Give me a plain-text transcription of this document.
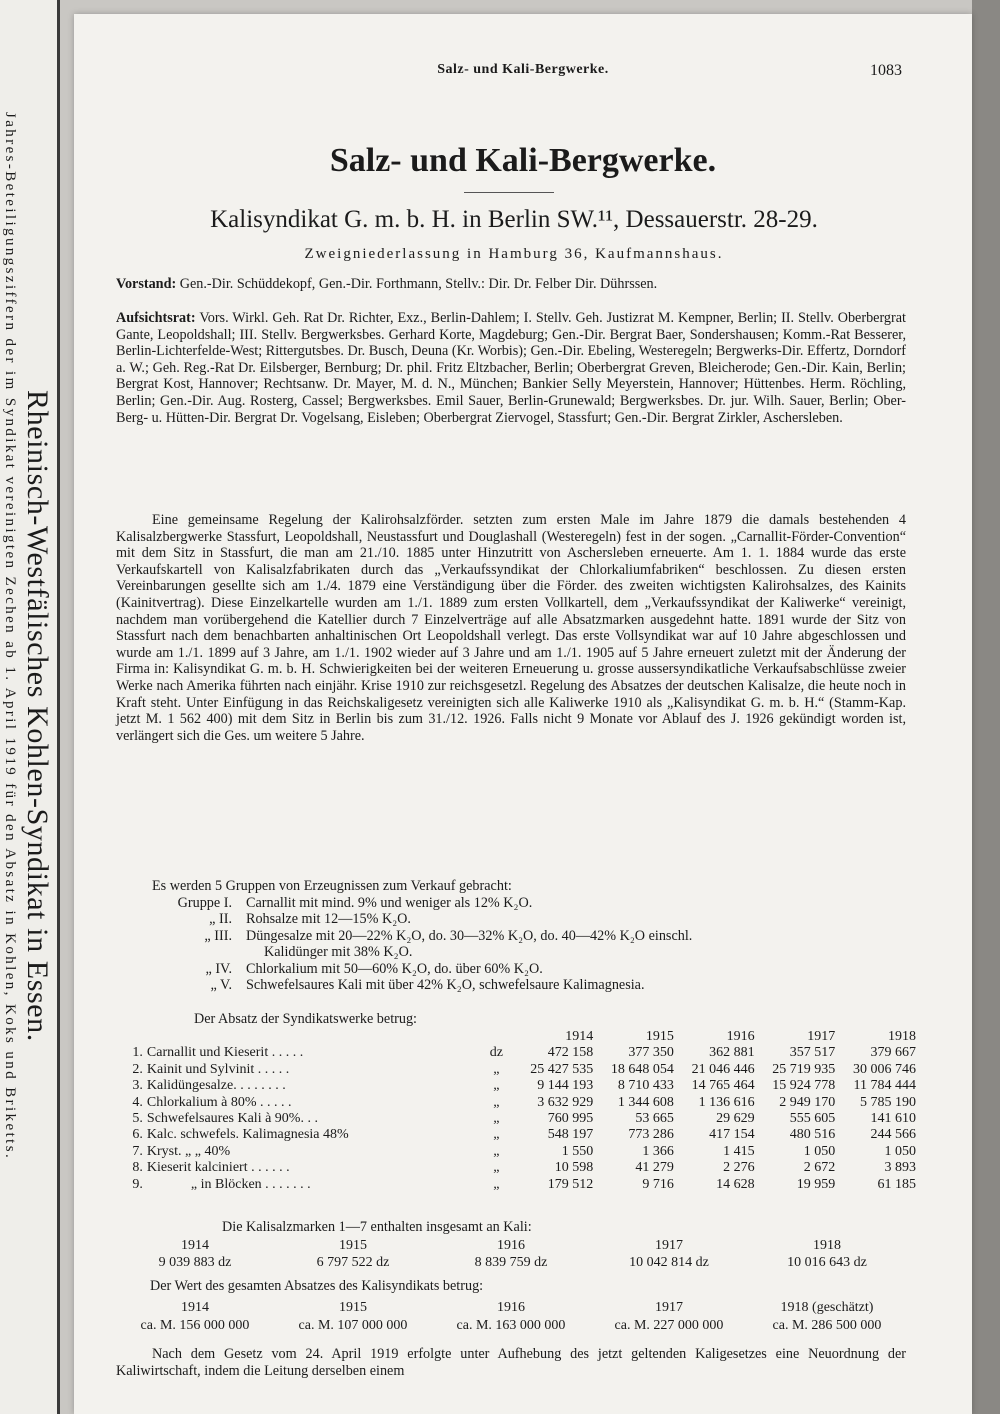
Jahres-Beteiligungsziffern der im Syndikat vereinigten Zechen ab 1. April 1919 für den Absatz in Kohlen, Koks und Briketts. Rheinisch-Westfälisches Kohlen-Syndikat in Essen.
Salz- und Kali-Bergwerke.	1083
Salz- und Kali-Bergwerke.
Kalisyndikat G. m. b. H. in Berlin SW.¹¹, Dessauerstr. 28-29.
Zweigniederlassung in Hamburg 36, Kaufmannshaus.

Vorstand: Gen.-Dir. Schüddekopf, Gen.-Dir. Forthmann, Stellv.: Dir. Dr. Felber Dir. Dührssen.

Aufsichtsrat: Vors. Wirkl. Geh. Rat Dr. Richter, Exz., Berlin-Dahlem; I. Stellv. Geh. Justizrat M. Kempner, Berlin; II. Stellv. Oberbergrat Gante, Leopoldshall; III. Stellv. Bergwerksbes. Gerhard Korte, Magdeburg; Gen.-Dir. Bergrat Baer, Sondershausen; Komm.-Rat Besserer, Berlin-Lichterfelde-West; Rittergutsbes. Dr. Busch, Deuna (Kr. Worbis); Gen.-Dir. Ebeling, Westeregeln; Bergwerks-Dir. Effertz, Dorndorf a. W.; Geh. Reg.-Rat Dr. Eilsberger, Bernburg; Dr. phil. Fritz Eltzbacher, Berlin; Oberbergrat Greven, Bleicherode; Gen.-Dir. Kain, Berlin; Bergrat Kost, Hannover; Rechtsanw. Dr. Mayer, M. d. N., München; Bankier Selly Meyerstein, Hannover; Hüttenbes. Herm. Röchling, Berlin; Gen.-Dir. Aug. Rosterg, Cassel; Bergwerksbes. Emil Sauer, Berlin-Grunewald; Bergwerksbes. Dr. jur. Wilh. Sauer, Berlin; Ober-Berg- u. Hütten-Dir. Bergrat Dr. Vogelsang, Eisleben; Oberbergrat Ziervogel, Stassfurt; Gen.-Dir. Bergrat Zirkler, Aschersleben.

Eine gemeinsame Regelung der Kalirohsalzförder. setzten zum ersten Male im Jahre 1879 die damals bestehenden 4 Kalisalzbergwerke Stassfurt, Leopoldshall, Neustassfurt und Douglashall (Westeregeln) fest in der sogen. „Carnallit-Förder-Convention“ mit dem Sitz in Stassfurt, die man am 21./10. 1885 unter Hinzutritt von Aschersleben erneuerte. Am 1. 1. 1884 wurde das erste Verkaufskartell von Kalisalzfabrikaten durch das „Verkaufssyndikat der Chlorkaliumfabriken“ beschlossen. Zu diesen ersten Vereinbarungen gesellte sich am 1./4. 1879 eine Verständigung über die Förder. des zweiten wichtigsten Kalirohsalzes, des Kainits (Kainitvertrag). Diese Einzelkartelle wurden am 1./1. 1889 zum ersten Vollkartell, dem „Verkaufssyndikat der Kaliwerke“ vereinigt, nachdem man vorübergehend die Katellier durch 7 Einzelverträge auf alle Absatzmarken ausgedehnt hatte. 1891 wurde der Sitz von Stassfurt nach dem benachbarten anhaltinischen Ort Leopoldshall verlegt. Das erste Vollsyndikat war auf 10 Jahre abgeschlossen und wurde am 1./1. 1899 auf 3 Jahre, am 1./1. 1902 wieder auf 3 Jahre und am 1./1. 1905 auf 5 Jahre erneuert zuletzt mit der Änderung der Firma in: Kalisyndikat G. m. b. H. Schwierigkeiten bei der weiteren Erneuerung u. grosse aussersyndikatliche Verkaufsabschlüsse zweier Werke nach Amerika führten nach einjähr. Krise 1910 zur reichsgesetzl. Regelung des Absatzes der deutschen Kalisalze, die heute noch in Kraft steht. Unter Einfügung in das Reichskaligesetz vereinigten sich alle Kaliwerke 1910 als „Kalisyndikat G. m. b. H.“ (Stamm-Kap. jetzt M. 1 562 400) mit dem Sitz in Berlin bis zum 31./12. 1926. Falls nicht 9 Monate vor Ablauf des J. 1926 gekündigt worden ist, verlängert sich die Ges. um weitere 5 Jahre.

Es werden 5 Gruppen von Erzeugnissen zum Verkauf gebracht:
Gruppe I. Carnallit mit mind. 9% und weniger als 12% K₂O.
„ II. Rohsalze mit 12—15% K₂O.
„ III. Düngesalze mit 20—22% K₂O, do. 30—32% K₂O, do. 40—42% K₂O einschl.
Kalidünger mit 38% K₂O.
„ IV. Chlorkalium mit 50—60% K₂O, do. über 60% K₂O.
„ V. Schwefelsaures Kali mit über 42% K₂O, schwefelsaure Kalimagnesia.
Der Absatz der Syndikatswerke betrug:
			1914	1915	1916	1917	1918
1.	Carnallit und Kieserit . . . . .	dz	472 158	377 350	362 881	357 517	379 667
2.	Kainit und Sylvinit . . . . .	„	25 427 535	18 648 054	21 046 446	25 719 935	30 006 746
3.	Kalidüngesalze. . . . . . . .	„	9 144 193	8 710 433	14 765 464	15 924 778	11 784 444
4.	Chlorkalium à 80% . . . . .	„	3 632 929	1 344 608	1 136 616	2 949 170	5 785 190
5.	Schwefelsaures Kali à 90%. . .	„	760 995	53 665	29 629	555 605	141 610
6.	Kalc. schwefels. Kalimagnesia 48%	„	548 197	773 286	417 154	480 516	244 566
7.	Kryst. „ „ 40%	„	1 550	1 366	1 415	1 050	1 050
8.	Kieserit kalciniert . . . . . .	„	10 598	41 279	2 276	2 672	3 893
9.	„ in Blöcken . . . . . . .	„	179 512	9 716	14 628	19 959	61 185
Die Kalisalzmarken 1—7 enthalten insgesamt an Kali:
1914	1915	1916	1917	1918
9 039 883 dz	6 797 522 dz	8 839 759 dz	10 042 814 dz	10 016 643 dz
Der Wert des gesamten Absatzes des Kalisyndikats betrug:
1914	1915	1916	1917	1918 (geschätzt)
ca. M. 156 000 000	ca. M. 107 000 000	ca. M. 163 000 000	ca. M. 227 000 000	ca. M. 286 500 000

Nach dem Gesetz vom 24. April 1919 erfolgte unter Aufhebung des jetzt geltenden Kaligesetzes eine Neuordnung der Kaliwirtschaft, indem die Leitung derselben einem
